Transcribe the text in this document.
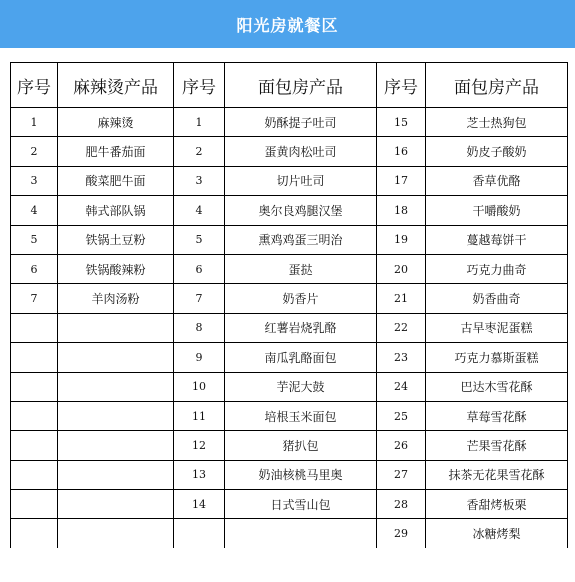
阳光房就餐区
序号	麻辣烫产品	序号	面包房产品	序号	面包房产品
1	麻辣烫	1	奶酥提子吐司	15	芝士热狗包
2	肥牛番茄面	2	蛋黄肉松吐司	16	奶皮子酸奶
3	酸菜肥牛面	3	切片吐司	17	香草优酪
4	韩式部队锅	4	奥尔良鸡腿汉堡	18	干嚼酸奶
5	铁锅土豆粉	5	熏鸡鸡蛋三明治	19	蔓越莓饼干
6	铁锅酸辣粉	6	蛋挞	20	巧克力曲奇
7	羊肉汤粉	7	奶香片	21	奶香曲奇
		8	红薯岩烧乳酪	22	古早枣泥蛋糕
		9	南瓜乳酪面包	23	巧克力慕斯蛋糕
		10	芋泥大鼓	24	巴达木雪花酥
		11	培根玉米面包	25	草莓雪花酥
		12	猪扒包	26	芒果雪花酥
		13	奶油核桃马里奥	27	抹茶无花果雪花酥
		14	日式雪山包	28	香甜烤板栗
				29	冰糖烤梨
